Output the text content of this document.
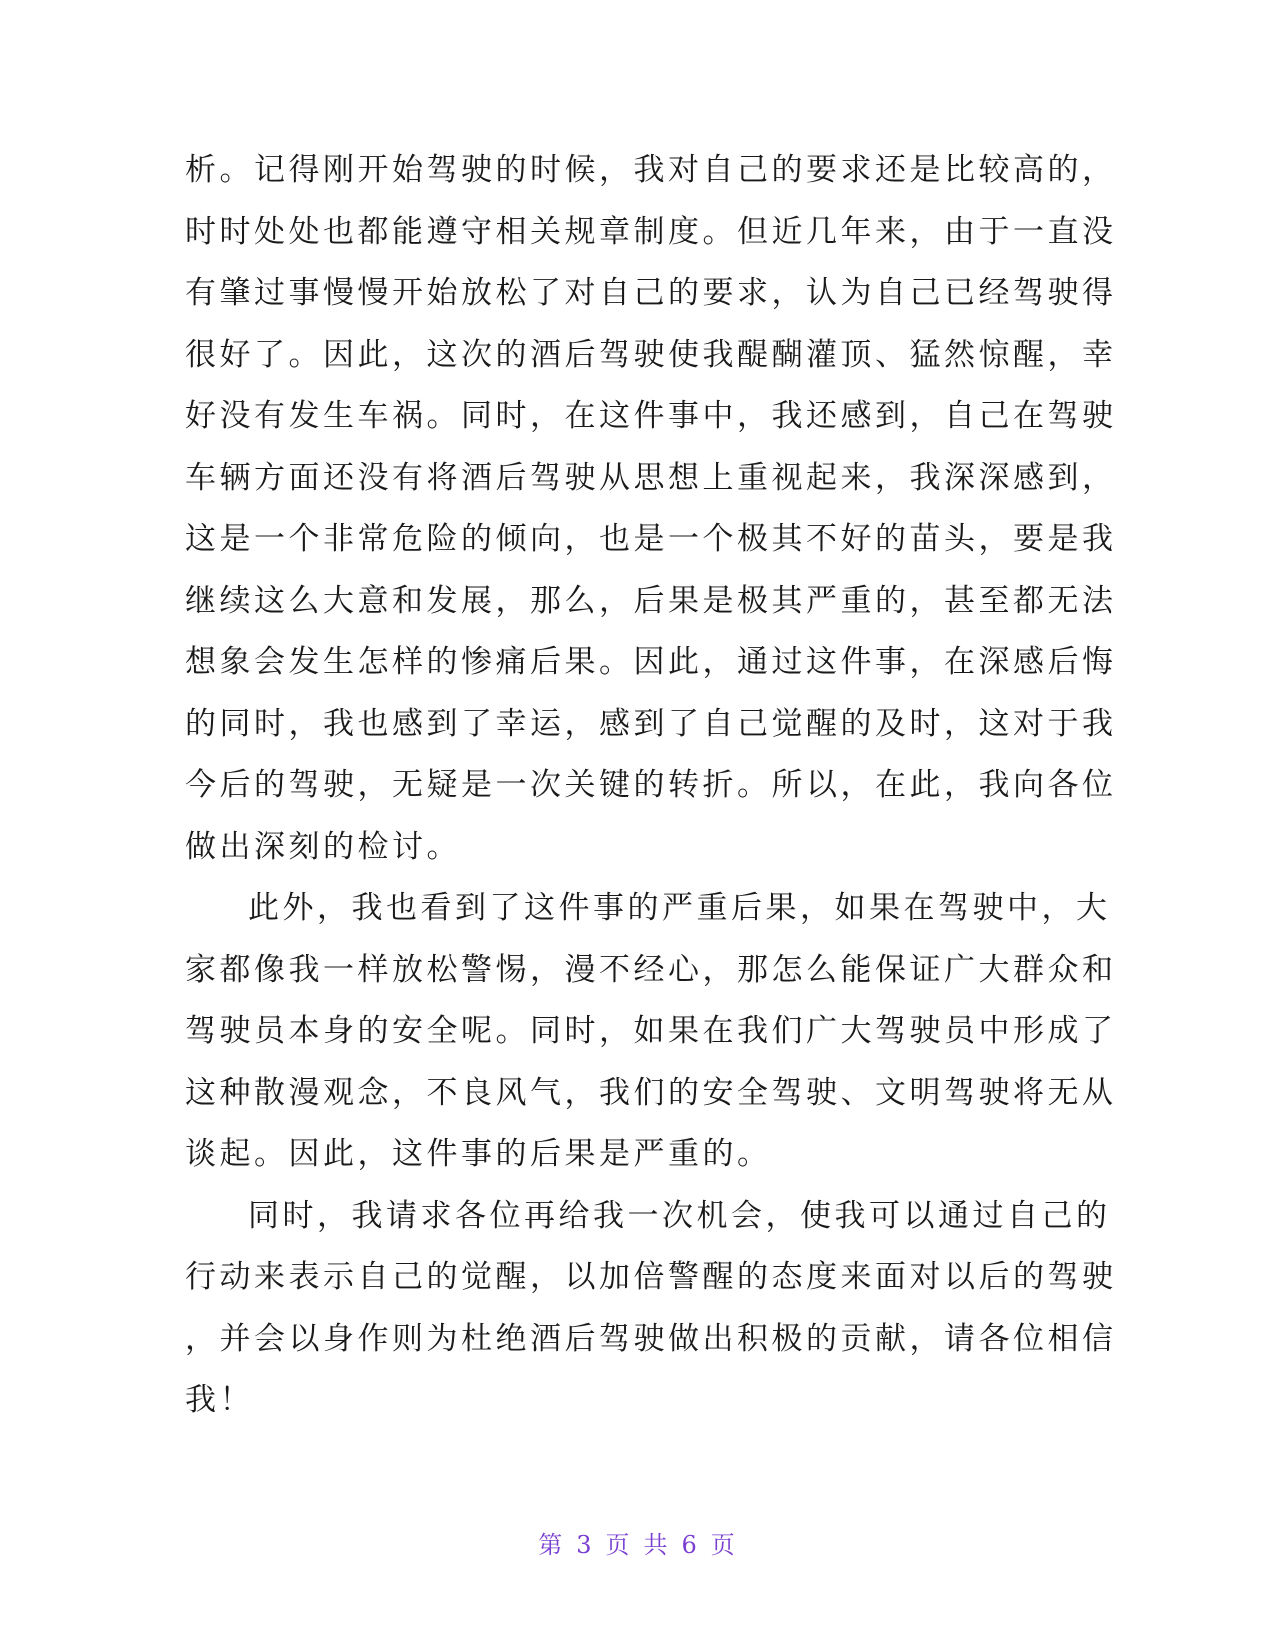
析。记得刚开始驾驶的时候，我对自己的要求还是比较高的，
时时处处也都能遵守相关规章制度。但近几年来，由于一直没
有肇过事慢慢开始放松了对自己的要求，认为自己已经驾驶得
很好了。因此，这次的酒后驾驶使我醍醐灌顶、猛然惊醒，幸
好没有发生车祸。同时，在这件事中，我还感到，自己在驾驶
车辆方面还没有将酒后驾驶从思想上重视起来，我深深感到，
这是一个非常危险的倾向，也是一个极其不好的苗头，要是我
继续这么大意和发展，那么，后果是极其严重的，甚至都无法
想象会发生怎样的惨痛后果。因此，通过这件事，在深感后悔
的同时，我也感到了幸运，感到了自己觉醒的及时，这对于我
今后的驾驶，无疑是一次关键的转折。所以，在此，我向各位
做出深刻的检讨。
此外，我也看到了这件事的严重后果，如果在驾驶中，大
家都像我一样放松警惕，漫不经心，那怎么能保证广大群众和
驾驶员本身的安全呢。同时，如果在我们广大驾驶员中形成了
这种散漫观念，不良风气，我们的安全驾驶、文明驾驶将无从
谈起。因此，这件事的后果是严重的。
同时，我请求各位再给我一次机会，使我可以通过自己的
行动来表示自己的觉醒，以加倍警醒的态度来面对以后的驾驶
，并会以身作则为杜绝酒后驾驶做出积极的贡献，请各位相信
我！
第 3 页 共 6 页
